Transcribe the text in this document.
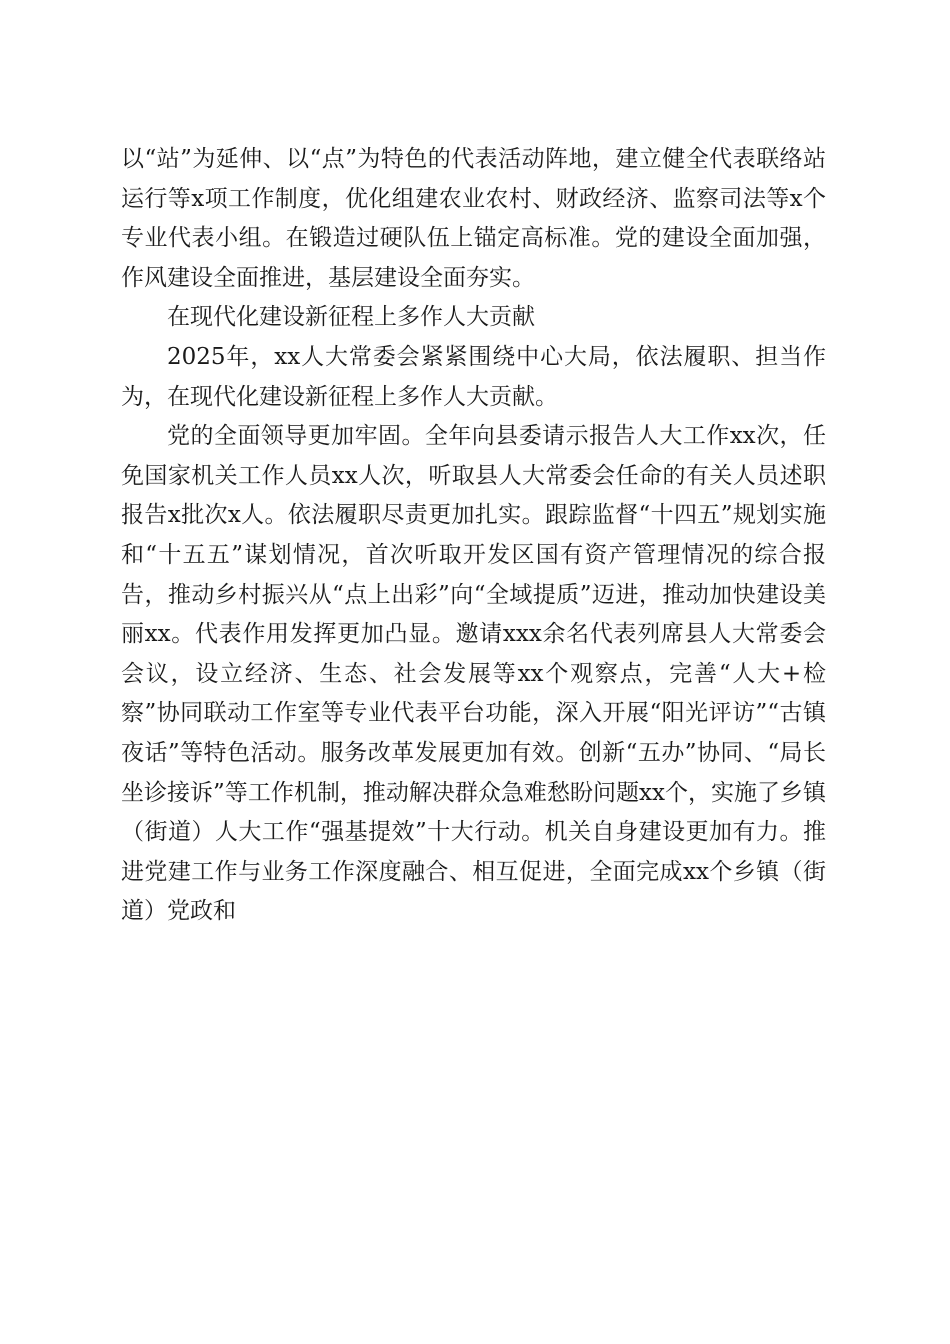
以“站”为延伸、以“点”为特色的代表活动阵地，建立健全代表联络站运行等x项工作制度，优化组建农业农村、财政经济、监察司法等x个专业代表小组。在锻造过硬队伍上锚定高标准。党的建设全面加强，作风建设全面推进，基层建设全面夯实。

在现代化建设新征程上多作人大贡献

2025年，xx人大常委会紧紧围绕中心大局，依法履职、担当作为，在现代化建设新征程上多作人大贡献。

党的全面领导更加牢固。全年向县委请示报告人大工作xx次，任免国家机关工作人员xx人次，听取县人大常委会任命的有关人员述职报告x批次x人。依法履职尽责更加扎实。跟踪监督“十四五”规划实施和“十五五”谋划情况，首次听取开发区国有资产管理情况的综合报告，推动乡村振兴从“点上出彩”向“全域提质”迈进，推动加快建设美丽xx。代表作用发挥更加凸显。邀请xxx余名代表列席县人大常委会会议，设立经济、生态、社会发展等xx个观察点，完善“人大+检察”协同联动工作室等专业代表平台功能，深入开展“阳光评访”“古镇夜话”等特色活动。服务改革发展更加有效。创新“五办”协同、“局长坐诊接诉”等工作机制，推动解决群众急难愁盼问题xx个，实施了乡镇（街道）人大工作“强基提效”十大行动。机关自身建设更加有力。推进党建工作与业务工作深度融合、相互促进，全面完成xx个乡镇（街道）党政和
